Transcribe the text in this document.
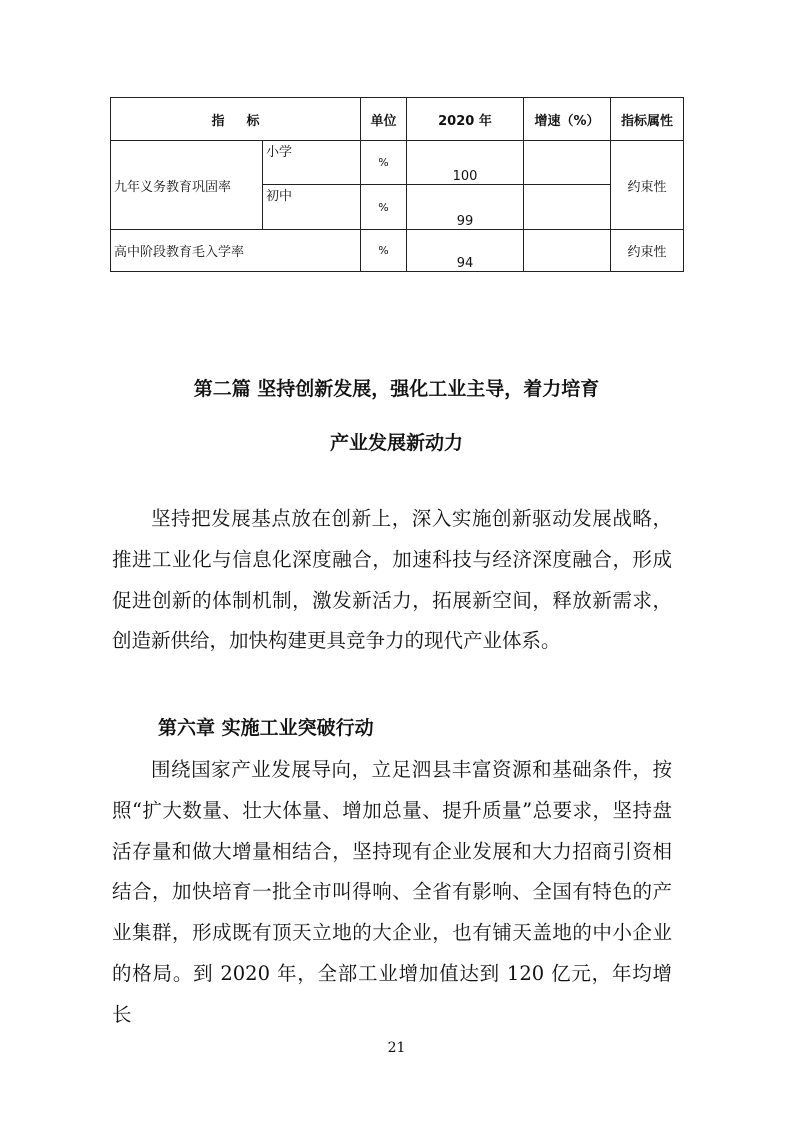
指 标		单位	2020 年	增速（%）	指标属性
九年义务教育巩固率	小学	%	100		约束性
	初中	%	99		
高中阶段教育毛入学率		%	94		约束性
第二篇 坚持创新发展，强化工业主导，着力培育
产业发展新动力

坚持把发展基点放在创新上，深入实施创新驱动发展战略，推进工业化与信息化深度融合，加速科技与经济深度融合，形成促进创新的体制机制，激发新活力，拓展新空间，释放新需求，创造新供给，加快构建更具竞争力的现代产业体系。

第六章 实施工业突破行动

围绕国家产业发展导向，立足泗县丰富资源和基础条件，按照“扩大数量、壮大体量、增加总量、提升质量”总要求，坚持盘活存量和做大增量相结合，坚持现有企业发展和大力招商引资相结合，加快培育一批全市叫得响、全省有影响、全国有特色的产业集群，形成既有顶天立地的大企业，也有铺天盖地的中小企业的格局。到 2020 年，全部工业增加值达到 120 亿元，年均增长

21
